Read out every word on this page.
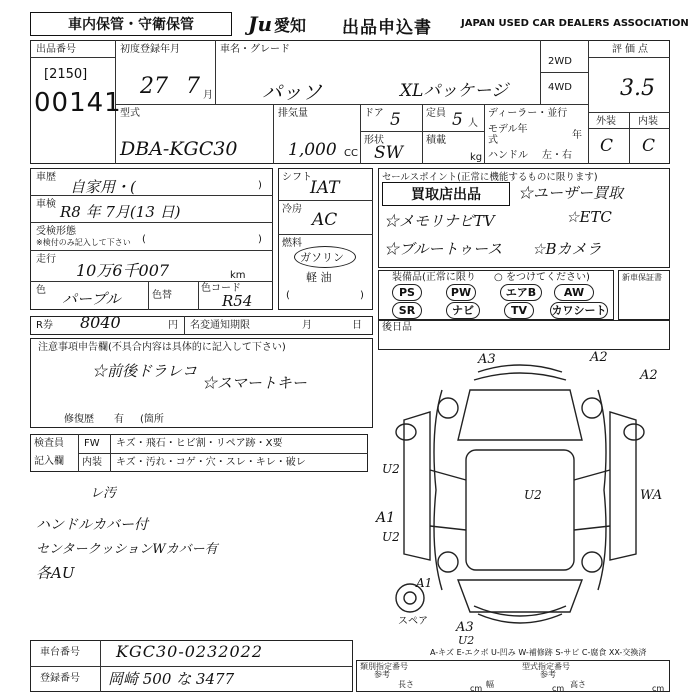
車内保管・守衛保管	Ju 愛知 出品申込書	JAPAN USED CAR DEALERS ASSOCIATION
出品番号
[2150]
00141
初度登録年月
27 7 月
車名・グレード
パッソ	XLパッケージ
2WD
4WD
評価点
3.5
外装 内装
C C
型式
DBA-KGC30
排気量
1,000 CC
ドア 5	定員 5 人
形状
SW
積載
kg
ディーラー・並行
モデル年式	年
ハンドル 左・右
車歴
自家用・(	)
車検 R8 年 7月(13 日)
受検形態
※検付のみ記入して下さい (	)
走行
10万6千007	km
色 パープル	色替
色コード
R54
シフト
IAT
冷房
AC
燃料
ガソリン
軽 油
(	)
セールスポイント(正常に機能するものに限ります)
買取店出品	☆ユーザー買取
☆メモリナビTV	☆ETC
☆ブルートゥース ☆Bカメラ
装備品(正常に限り ○ をつけてください)
PS	PW	エアB	AW
SR	ナビ	TV	カワシート
新車保証書
R券 8040	円 名変通知期限	月	日
注意事項申告欄(不具合内容は具体的に記入して下さい)
☆前後ドラレコ
☆スマートキー
修復歴 有 (箇所
後日品
検査員
記入欄
FW キズ・飛石・ヒビ割・リペア跡・X要
内装 キズ・汚れ・コゲ・穴・スレ・キレ・破レ
レ汚
ハンドルカバー付
センタークッションWカバー有
各AU
A3	A2
A2
U2
U2
A1
U2
WA
A3
U2
A1
スペア
A-キズ E-エクボ U-凹み W-補修跡 S-サビ C-腐食 XX-交換済
車台番号 KGC30-0232022
登録番号 岡崎 500 な 3477
類別指定番号
参考
型式指定番号
参考
長さ	幅	高さ
cm	cm	cm
